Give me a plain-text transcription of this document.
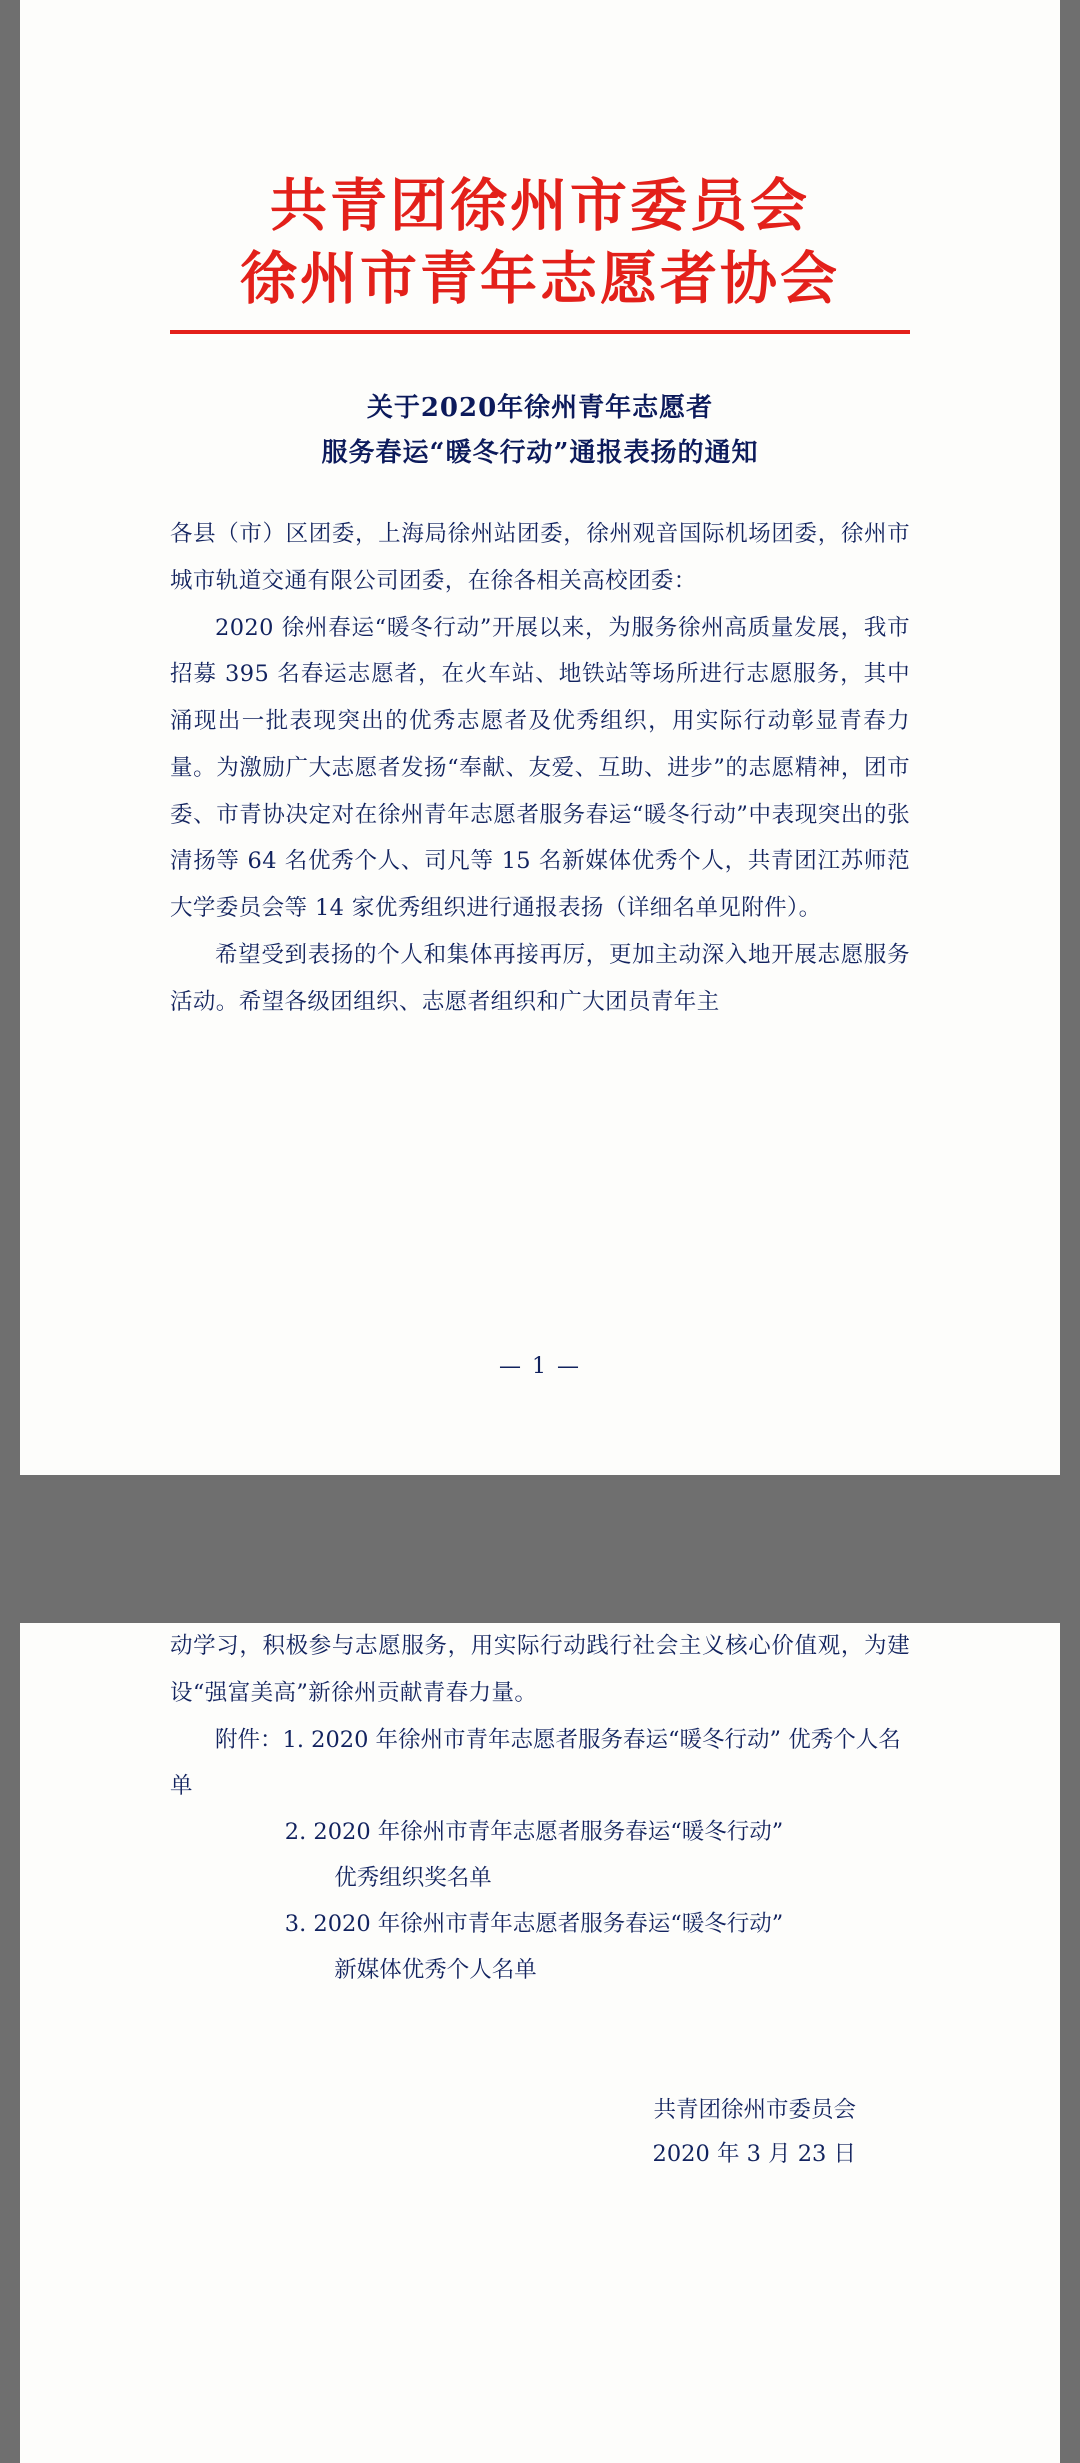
共青团徐州市委员会
徐州市青年志愿者协会
关于2020年徐州青年志愿者
服务春运“暖冬行动”通报表扬的通知

各县（市）区团委，上海局徐州站团委，徐州观音国际机场团委，徐州市城市轨道交通有限公司团委，在徐各相关高校团委：

2020 徐州春运“暖冬行动”开展以来，为服务徐州高质量发展，我市招募 395 名春运志愿者，在火车站、地铁站等场所进行志愿服务，其中涌现出一批表现突出的优秀志愿者及优秀组织，用实际行动彰显青春力量。为激励广大志愿者发扬“奉献、友爱、互助、进步”的志愿精神，团市委、市青协决定对在徐州青年志愿者服务春运“暖冬行动”中表现突出的张清扬等 64 名优秀个人、司凡等 15 名新媒体优秀个人，共青团江苏师范大学委员会等 14 家优秀组织进行通报表扬（详细名单见附件）。

希望受到表扬的个人和集体再接再厉，更加主动深入地开展志愿服务活动。希望各级团组织、志愿者组织和广大团员青年主

— 1 —

动学习，积极参与志愿服务，用实际行动践行社会主义核心价值观，为建设“强富美高”新徐州贡献青春力量。

附件：1. 2020 年徐州市青年志愿者服务春运“暖冬行动” 优秀个人名单
2. 2020 年徐州市青年志愿者服务春运“暖冬行动”
优秀组织奖名单
3. 2020 年徐州市青年志愿者服务春运“暖冬行动”
新媒体优秀个人名单
共青团徐州市委员会
2020 年 3 月 23 日
